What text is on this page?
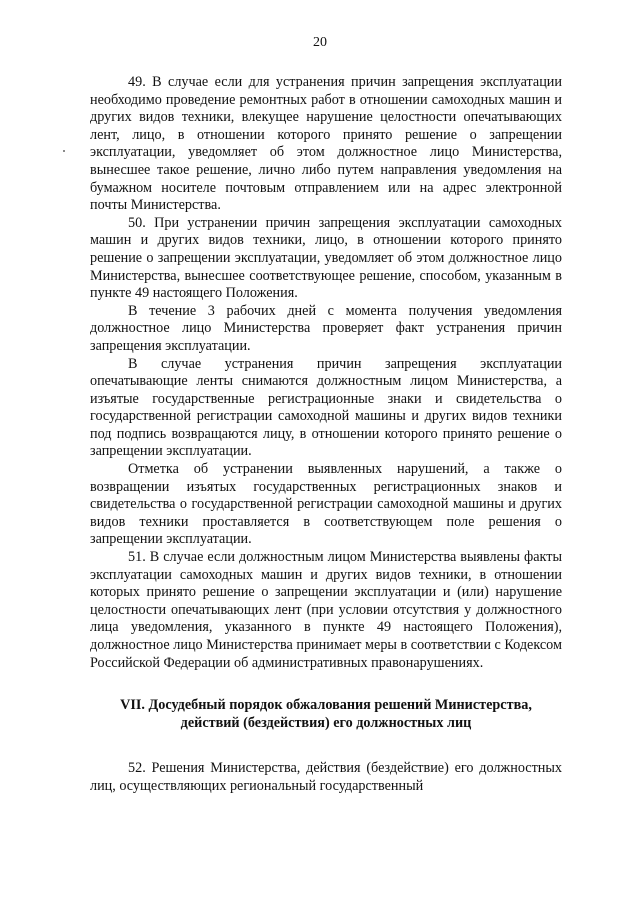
20

49. В случае если для устранения причин запрещения эксплуатации необходимо проведение ремонтных работ в отношении самоходных машин и других видов техники, влекущее нарушение целостности опечатывающих лент, лицо, в отношении которого принято решение о запрещении эксплуатации, уведомляет об этом должностное лицо Министерства, вынесшее такое решение, лично либо путем направления уведомления на бумажном носителе почтовым отправлением или на адрес электронной почты Министерства.

50. При устранении причин запрещения эксплуатации самоходных машин и других видов техники, лицо, в отношении которого принято решение о запрещении эксплуатации, уведомляет об этом должностное лицо Министерства, вынесшее соответствующее решение, способом, указанным в пункте 49 настоящего Положения.

В течение 3 рабочих дней с момента получения уведомления должностное лицо Министерства проверяет факт устранения причин запрещения эксплуатации.

В случае устранения причин запрещения эксплуатации опечатывающие ленты снимаются должностным лицом Министерства, а изъятые государственные регистрационные знаки и свидетельства о государственной регистрации самоходной машины и других видов техники под подпись возвращаются лицу, в отношении которого принято решение о запрещении эксплуатации.

Отметка об устранении выявленных нарушений, а также о возвращении изъятых государственных регистрационных знаков и свидетельства о государственной регистрации самоходной машины и других видов техники проставляется в соответствующем поле решения о запрещении эксплуатации.

51. В случае если должностным лицом Министерства выявлены факты эксплуатации самоходных машин и других видов техники, в отношении которых принято решение о запрещении эксплуатации и (или) нарушение целостности опечатывающих лент (при условии отсутствия у должностного лица уведомления, указанного в пункте 49 настоящего Положения), должностное лицо Министерства принимает меры в соответствии с Кодексом Российской Федерации об административных правонарушениях.

VII. Досудебный порядок обжалования решений Министерства,
действий (бездействия) его должностных лиц

52. Решения Министерства, действия (бездействие) его должностных лиц, осуществляющих региональный государственный
